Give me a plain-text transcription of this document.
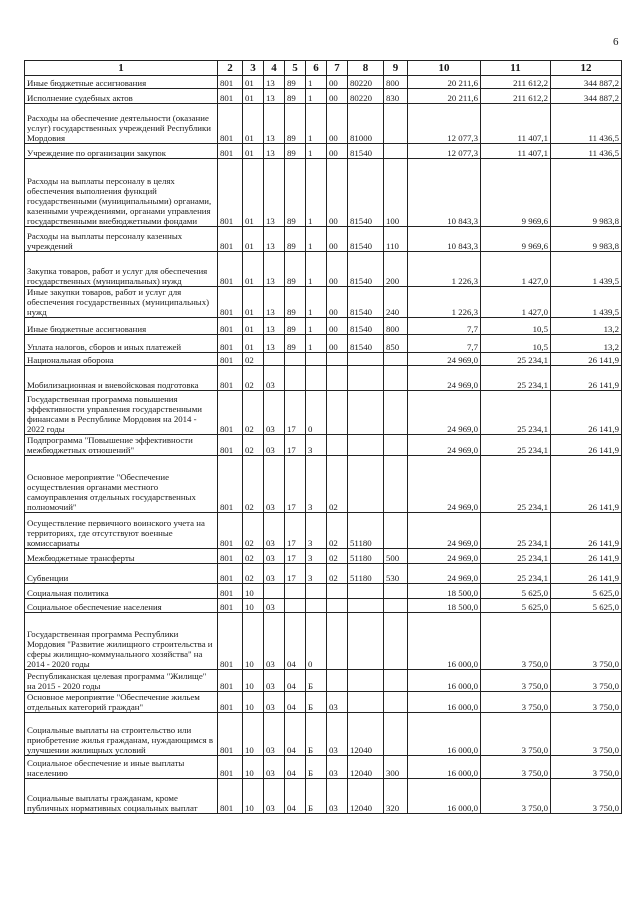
6
1	2	3	4	5	6	7	8	9	10	11	12
Иные бюджетные ассигнования	801	01	13	89	1	00	80220	800	20 211,6	211 612,2	344 887,2
Исполнение судебных актов	801	01	13	89	1	00	80220	830	20 211,6	211 612,2	344 887,2
Расходы на обеспечение деятельности (оказание услуг) государственных учреждений Республики Мордовия	801	01	13	89	1	00	81000		12 077,3	11 407,1	11 436,5
Учреждение по организации закупок	801	01	13	89	1	00	81540		12 077,3	11 407,1	11 436,5
Расходы на выплаты персоналу в целях обеспечения выполнения функций государственными (муниципальными) органами, казенными учреждениями, органами управления государственными внебюджетными фондами	801	01	13	89	1	00	81540	100	10 843,3	9 969,6	9 983,8
Расходы на выплаты персоналу казенных учреждений	801	01	13	89	1	00	81540	110	10 843,3	9 969,6	9 983,8
Закупка товаров, работ и услуг для обеспечения государственных (муниципальных) нужд	801	01	13	89	1	00	81540	200	1 226,3	1 427,0	1 439,5
Иные закупки товаров, работ и услуг для обеспечения государственных (муниципальных) нужд	801	01	13	89	1	00	81540	240	1 226,3	1 427,0	1 439,5
Иные бюджетные ассигнования	801	01	13	89	1	00	81540	800	7,7	10,5	13,2
Уплата налогов, сборов и иных платежей	801	01	13	89	1	00	81540	850	7,7	10,5	13,2
Национальная оборона	801	02							24 969,0	25 234,1	26 141,9
Мобилизационная и вневойсковая подготовка	801	02	03						24 969,0	25 234,1	26 141,9
Государственная программа повышения эффективности управления государственными финансами в Республике Мордовия на 2014 - 2022 годы	801	02	03	17	0				24 969,0	25 234,1	26 141,9
Подпрограмма "Повышение эффективности межбюджетных отношений"	801	02	03	17	3				24 969,0	25 234,1	26 141,9
Основное мероприятие "Обеспечение осуществления органами местного самоуправления отдельных государственных полномочий"	801	02	03	17	3	02			24 969,0	25 234,1	26 141,9
Осуществление первичного воинского учета на территориях, где отсутствуют военные комиссариаты	801	02	03	17	3	02	51180		24 969,0	25 234,1	26 141,9
Межбюджетные трансферты	801	02	03	17	3	02	51180	500	24 969,0	25 234,1	26 141,9
Субвенции	801	02	03	17	3	02	51180	530	24 969,0	25 234,1	26 141,9
Социальная политика	801	10							18 500,0	5 625,0	5 625,0
Социальное обеспечение населения	801	10	03						18 500,0	5 625,0	5 625,0
Государственная программа Республики Мордовия "Развитие жилищного строительства и сферы жилищно-коммунального хозяйства" на 2014 - 2020 годы	801	10	03	04	0				16 000,0	3 750,0	3 750,0
Республиканская целевая программа "Жилище" на 2015 - 2020 годы	801	10	03	04	Б				16 000,0	3 750,0	3 750,0
Основное мероприятие "Обеспечение жильем отдельных категорий граждан"	801	10	03	04	Б	03			16 000,0	3 750,0	3 750,0
Социальные выплаты на строительство или приобретение жилья гражданам, нуждающимся в улучшении жилищных условий	801	10	03	04	Б	03	12040		16 000,0	3 750,0	3 750,0
Социальное обеспечение и иные выплаты населению	801	10	03	04	Б	03	12040	300	16 000,0	3 750,0	3 750,0
Социальные выплаты гражданам, кроме публичных нормативных социальных выплат	801	10	03	04	Б	03	12040	320	16 000,0	3 750,0	3 750,0
